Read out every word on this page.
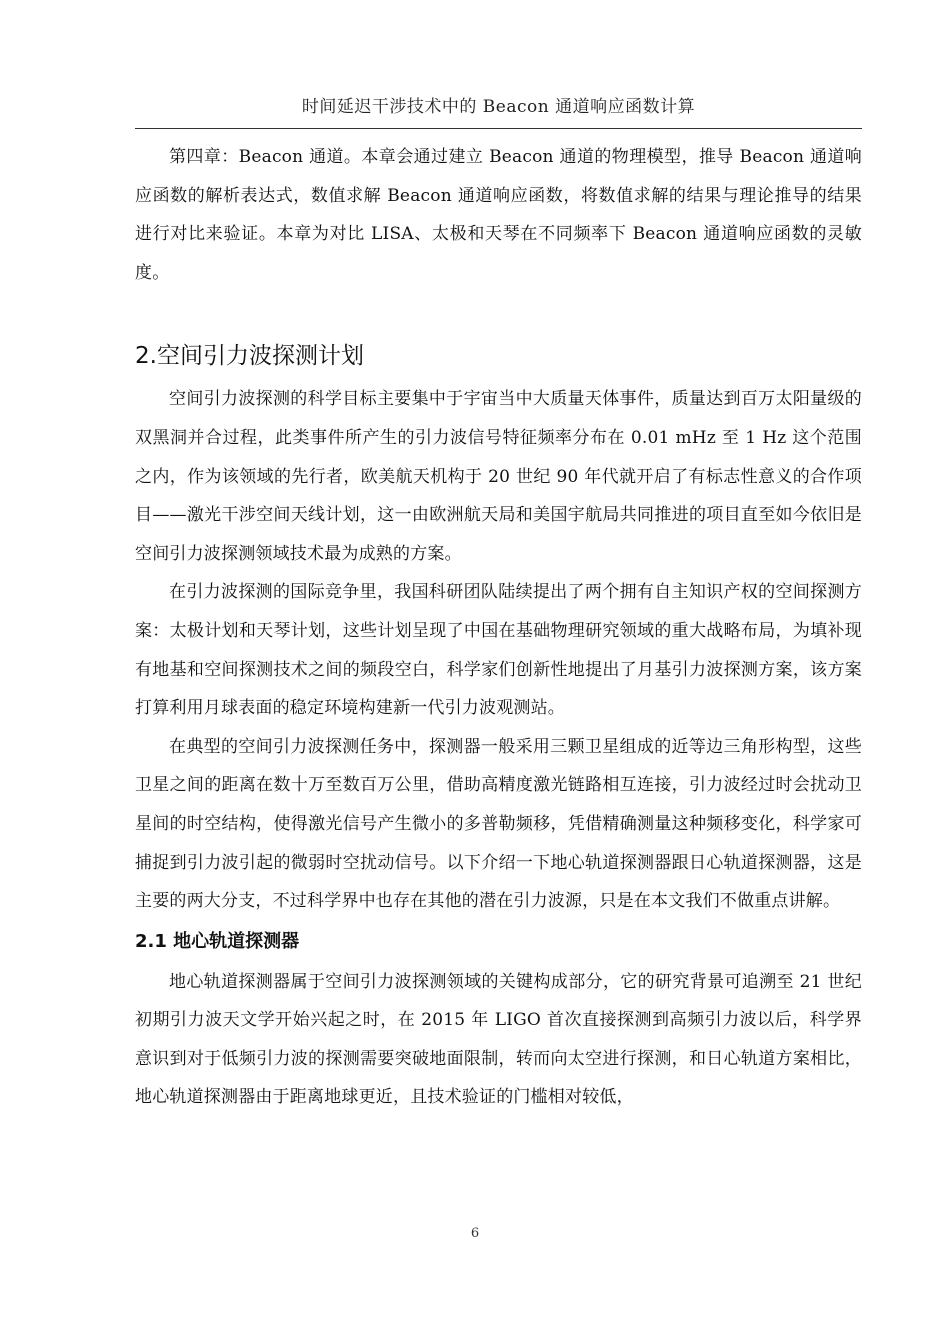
时间延迟干涉技术中的 Beacon 通道响应函数计算

第四章：Beacon 通道。本章会通过建立 Beacon 通道的物理模型，推导 Beacon 通道响应函数的解析表达式，数值求解 Beacon 通道响应函数，将数值求解的结果与理论推导的结果进行对比来验证。本章为对比 LISA、太极和天琴在不同频率下 Beacon 通道响应函数的灵敏度。

2.空间引力波探测计划

空间引力波探测的科学目标主要集中于宇宙当中大质量天体事件，质量达到百万太阳量级的双黑洞并合过程，此类事件所产生的引力波信号特征频率分布在 0.01 mHz 至 1 Hz 这个范围之内，作为该领域的先行者，欧美航天机构于 20 世纪 90 年代就开启了有标志性意义的合作项目——激光干涉空间天线计划，这一由欧洲航天局和美国宇航局共同推进的项目直至如今依旧是空间引力波探测领域技术最为成熟的方案。

在引力波探测的国际竞争里，我国科研团队陆续提出了两个拥有自主知识产权的空间探测方案：太极计划和天琴计划，这些计划呈现了中国在基础物理研究领域的重大战略布局，为填补现有地基和空间探测技术之间的频段空白，科学家们创新性地提出了月基引力波探测方案，该方案打算利用月球表面的稳定环境构建新一代引力波观测站。

在典型的空间引力波探测任务中，探测器一般采用三颗卫星组成的近等边三角形构型，这些卫星之间的距离在数十万至数百万公里，借助高精度激光链路相互连接，引力波经过时会扰动卫星间的时空结构，使得激光信号产生微小的多普勒频移，凭借精确测量这种频移变化，科学家可捕捉到引力波引起的微弱时空扰动信号。以下介绍一下地心轨道探测器跟日心轨道探测器，这是主要的两大分支，不过科学界中也存在其他的潜在引力波源，只是在本文我们不做重点讲解。

2.1 地心轨道探测器

地心轨道探测器属于空间引力波探测领域的关键构成部分，它的研究背景可追溯至 21 世纪初期引力波天文学开始兴起之时，在 2015 年 LIGO 首次直接探测到高频引力波以后，科学界意识到对于低频引力波的探测需要突破地面限制，转而向太空进行探测，和日心轨道方案相比，地心轨道探测器由于距离地球更近，且技术验证的门槛相对较低，

6
